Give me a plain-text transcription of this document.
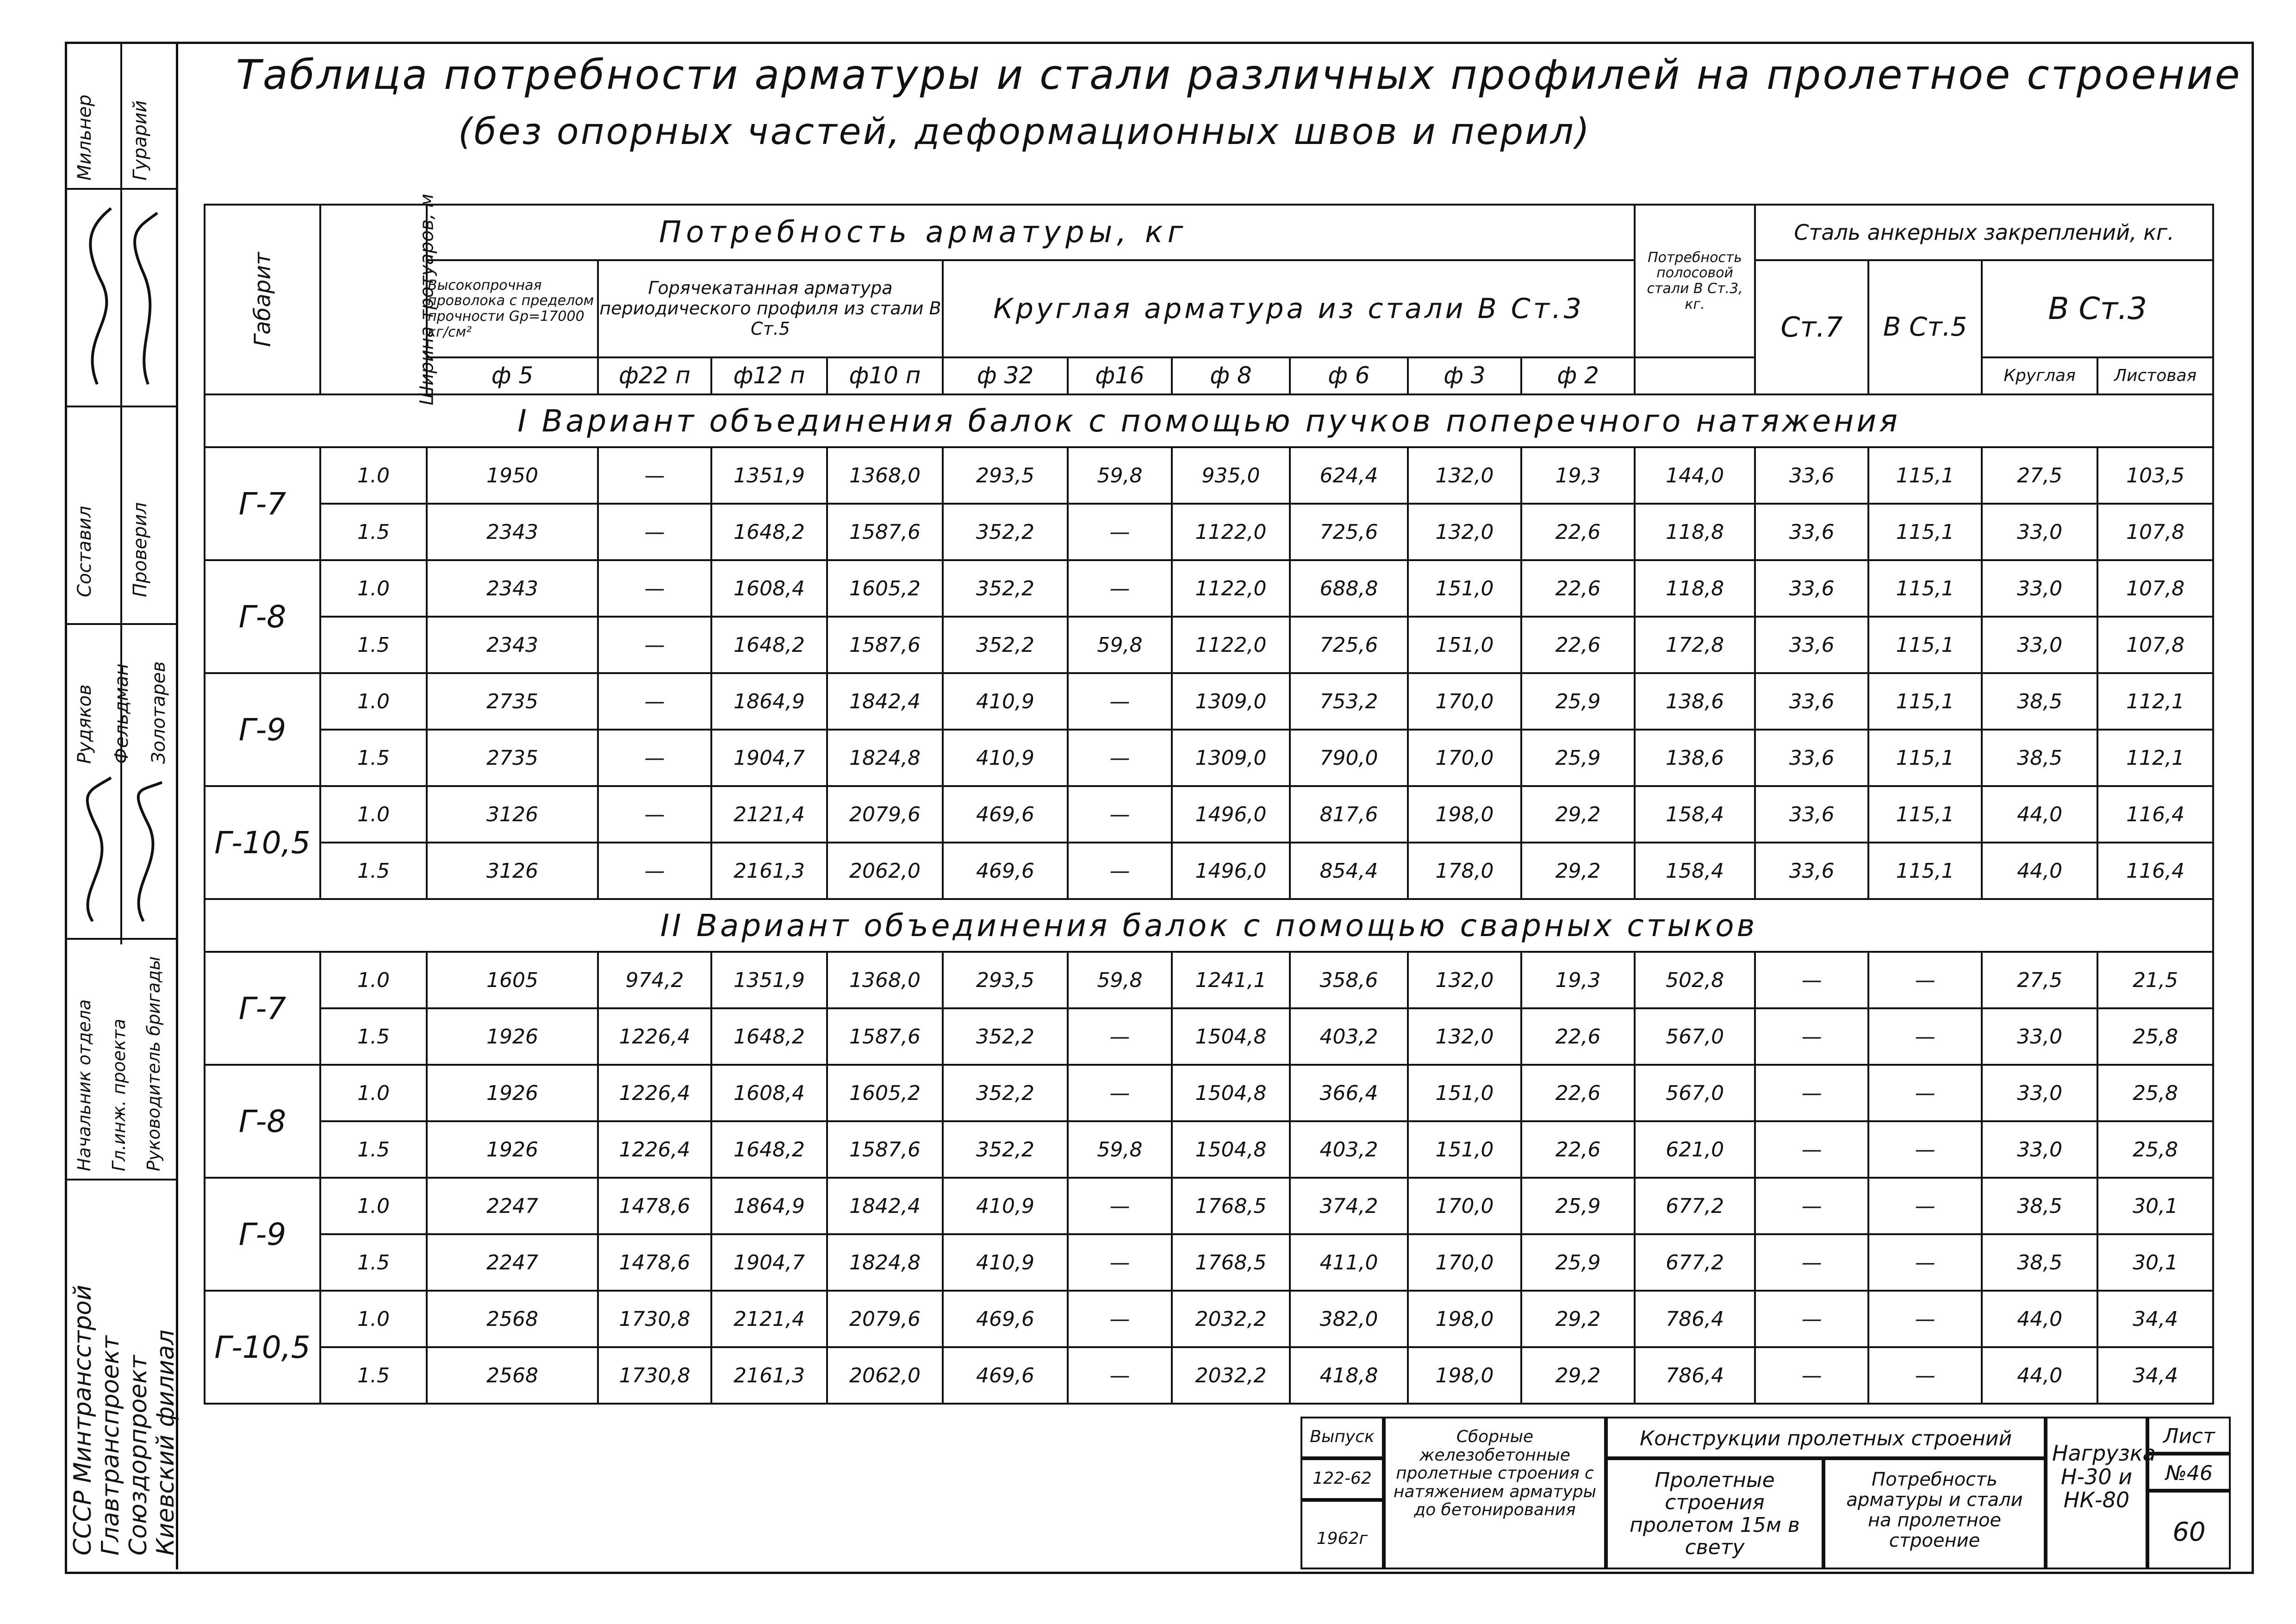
Мильнер Гурарий
Составил Проверил
Рудяков Фельдман Золотарев
Начальник отдела Гл.инж. проекта Руководитель бригады
СССР Минтрансстрой Главтранспроект Союздорпроект Киевский филиал
Таблица потребности арматуры и стали различных профилей на пролетное строение
(без опорных частей, деформационных швов и перил)
Габарит	Ширина тротуаров, м	Потребность арматуры, кг										Потребность полосовой стали В Ст.3, кг.	Сталь анкерных закреплений, кг.			
		Высокопрочная проволока с пределом прочности Gр=17000 кг/см²	Горячекатанная арматура периодического профиля из стали В Ст.5			Круглая арматура из стали В Ст.3							Ст.7	В Ст.5	В Ст.3	
		ф 5	ф22 п	ф12 п	ф10 п	ф 32	ф16	ф 8	ф 6	ф 3	ф 2				Круглая	Листовая
I Вариант объединения балок с помощью пучков поперечного натяжения																
Г-7	1.0	1950	—	1351,9	1368,0	293,5	59,8	935,0	624,4	132,0	19,3	144,0	33,6	115,1	27,5	103,5
	1.5	2343	—	1648,2	1587,6	352,2	—	1122,0	725,6	132,0	22,6	118,8	33,6	115,1	33,0	107,8
Г-8	1.0	2343	—	1608,4	1605,2	352,2	—	1122,0	688,8	151,0	22,6	118,8	33,6	115,1	33,0	107,8
	1.5	2343	—	1648,2	1587,6	352,2	59,8	1122,0	725,6	151,0	22,6	172,8	33,6	115,1	33,0	107,8
Г-9	1.0	2735	—	1864,9	1842,4	410,9	—	1309,0	753,2	170,0	25,9	138,6	33,6	115,1	38,5	112,1
	1.5	2735	—	1904,7	1824,8	410,9	—	1309,0	790,0	170,0	25,9	138,6	33,6	115,1	38,5	112,1
Г-10,5	1.0	3126	—	2121,4	2079,6	469,6	—	1496,0	817,6	198,0	29,2	158,4	33,6	115,1	44,0	116,4
	1.5	3126	—	2161,3	2062,0	469,6	—	1496,0	854,4	178,0	29,2	158,4	33,6	115,1	44,0	116,4
II Вариант объединения балок с помощью сварных стыков																
Г-7	1.0	1605	974,2	1351,9	1368,0	293,5	59,8	1241,1	358,6	132,0	19,3	502,8	—	—	27,5	21,5
	1.5	1926	1226,4	1648,2	1587,6	352,2	—	1504,8	403,2	132,0	22,6	567,0	—	—	33,0	25,8
Г-8	1.0	1926	1226,4	1608,4	1605,2	352,2	—	1504,8	366,4	151,0	22,6	567,0	—	—	33,0	25,8
	1.5	1926	1226,4	1648,2	1587,6	352,2	59,8	1504,8	403,2	151,0	22,6	621,0	—	—	33,0	25,8
Г-9	1.0	2247	1478,6	1864,9	1842,4	410,9	—	1768,5	374,2	170,0	25,9	677,2	—	—	38,5	30,1
	1.5	2247	1478,6	1904,7	1824,8	410,9	—	1768,5	411,0	170,0	25,9	677,2	—	—	38,5	30,1
Г-10,5	1.0	2568	1730,8	2121,4	2079,6	469,6	—	2032,2	382,0	198,0	29,2	786,4	—	—	44,0	34,4
	1.5	2568	1730,8	2161,3	2062,0	469,6	—	2032,2	418,8	198,0	29,2	786,4	—	—	44,0	34,4
Выпуск
122-62
1962г
Сборные железобетонные пролетные строения с натяжением арматуры до бетонирования
Конструкции пролетных строений
Пролетные строения пролетом 15м в свету
Потребность арматуры и стали на пролетное строение
Нагрузка Н-30 и НК-80
Лист
№46
60
